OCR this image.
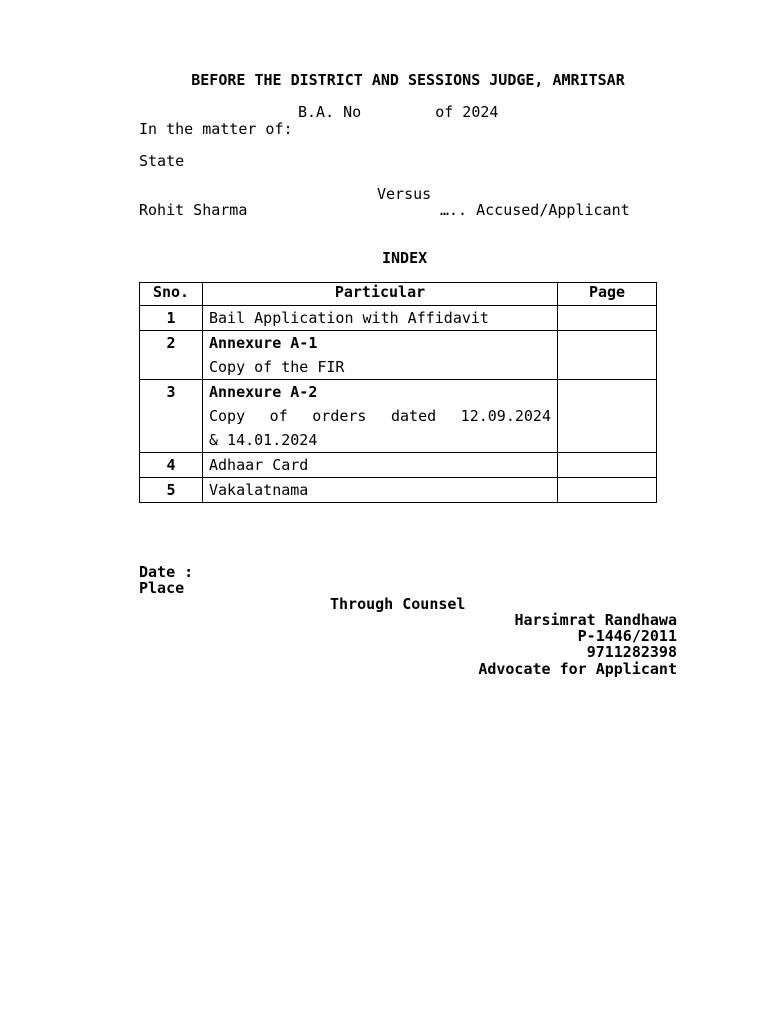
BEFORE THE DISTRICT AND SESSIONS JUDGE, AMRITSAR
B.A. No	of 2024
In the matter of:
State
Versus
Rohit Sharma	….. Accused/Applicant
INDEX
Sno.	Particular	Page
1	Bail Application with Affidavit	

2	Annexure A-1
Copy of the FIR	

3	Annexure A-2
Copy of orders dated 12.09.2024
& 14.01.2024	

4	Adhaar Card	

5	Vakalatnama	

Date :
Place
Through Counsel
Harsimrat Randhawa
P-1446/2011
9711282398
Advocate for Applicant
